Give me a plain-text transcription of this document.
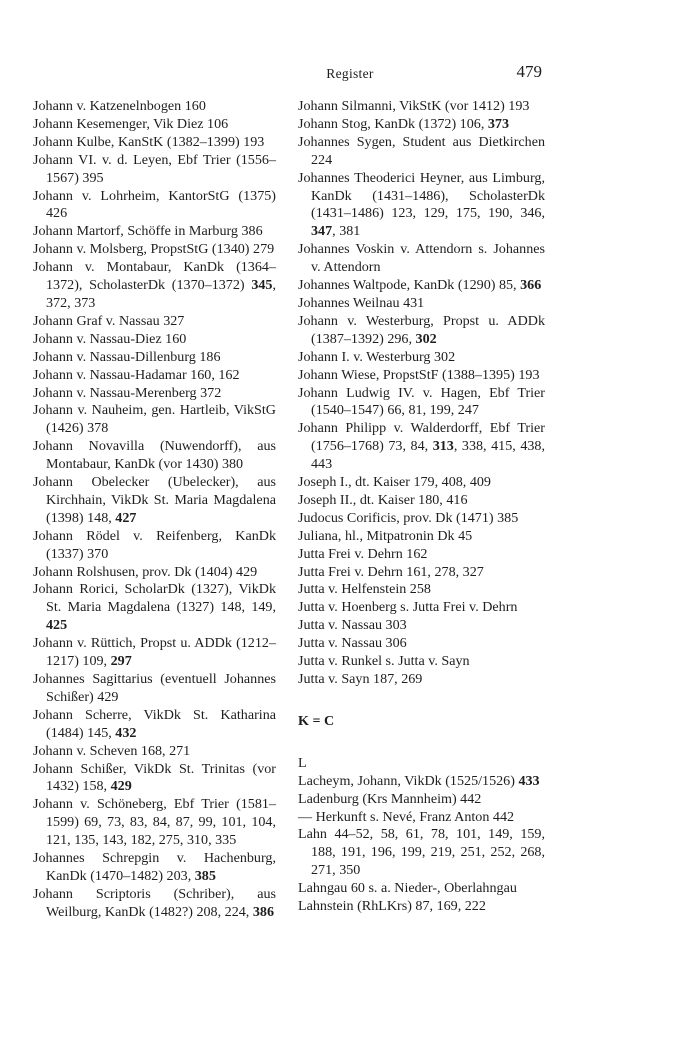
Register	479

Johann v. Katzenelnbogen 160

Johann Kesemenger, Vik Diez 106

Johann Kulbe, KanStK (1382–1399) 193

Johann VI. v. d. Leyen, Ebf Trier (1556–1567) 395

Johann v. Lohrheim, KantorStG (1375) 426

Johann Martorf, Schöffe in Marburg 386

Johann v. Molsberg, PropstStG (1340) 279

Johann v. Montabaur, KanDk (1364–1372), ScholasterDk (1370–1372) 345, 372, 373

Johann Graf v. Nassau 327

Johann v. Nassau-Diez 160

Johann v. Nassau-Dillenburg 186

Johann v. Nassau-Hadamar 160, 162

Johann v. Nassau-Merenberg 372

Johann v. Nauheim, gen. Hartleib, VikStG (1426) 378

Johann Novavilla (Nuwendorff), aus Montabaur, KanDk (vor 1430) 380

Johann Obelecker (Ubelecker), aus Kirchhain, VikDk St. Maria Magdalena (1398) 148, 427

Johann Rödel v. Reifenberg, KanDk (1337) 370

Johann Rolshusen, prov. Dk (1404) 429

Johann Rorici, ScholarDk (1327), VikDk St. Maria Magdalena (1327) 148, 149, 425

Johann v. Rüttich, Propst u. ADDk (1212–1217) 109, 297

Johannes Sagittarius (eventuell Johannes Schißer) 429

Johann Scherre, VikDk St. Katharina (1484) 145, 432

Johann v. Scheven 168, 271

Johann Schißer, VikDk St. Trinitas (vor 1432) 158, 429

Johann v. Schöneberg, Ebf Trier (1581–1599) 69, 73, 83, 84, 87, 99, 101, 104, 121, 135, 143, 182, 275, 310, 335

Johannes Schrepgin v. Hachenburg, KanDk (1470–1482) 203, 385

Johann Scriptoris (Schriber), aus Weilburg, KanDk (1482?) 208, 224, 386

Johann Silmanni, VikStK (vor 1412) 193

Johann Stog, KanDk (1372) 106, 373

Johannes Sygen, Student aus Dietkirchen 224

Johannes Theoderici Heyner, aus Limburg, KanDk (1431–1486), ScholasterDk (1431–1486) 123, 129, 175, 190, 346, 347, 381

Johannes Voskin v. Attendorn s. Johannes v. Attendorn

Johannes Waltpode, KanDk (1290) 85, 366

Johannes Weilnau 431

Johann v. Westerburg, Propst u. ADDk (1387–1392) 296, 302

Johann I. v. Westerburg 302

Johann Wiese, PropstStF (1388–1395) 193

Johann Ludwig IV. v. Hagen, Ebf Trier (1540–1547) 66, 81, 199, 247

Johann Philipp v. Walderdorff, Ebf Trier (1756–1768) 73, 84, 313, 338, 415, 438, 443

Joseph I., dt. Kaiser 179, 408, 409

Joseph II., dt. Kaiser 180, 416

Judocus Corificis, prov. Dk (1471) 385

Juliana, hl., Mitpatronin Dk 45

Jutta Frei v. Dehrn 162

Jutta Frei v. Dehrn 161, 278, 327

Jutta v. Helfenstein 258

Jutta v. Hoenberg s. Jutta Frei v. Dehrn

Jutta v. Nassau 303

Jutta v. Nassau 306

Jutta v. Runkel s. Jutta v. Sayn

Jutta v. Sayn 187, 269

K = C

L

Lacheym, Johann, VikDk (1525/1526) 433

Ladenburg (Krs Mannheim) 442

— Herkunft s. Nevé, Franz Anton 442

Lahn 44–52, 58, 61, 78, 101, 149, 159, 188, 191, 196, 199, 219, 251, 252, 268, 271, 350

Lahngau 60 s. a. Nieder-, Oberlahngau

Lahnstein (RhLKrs) 87, 169, 222
